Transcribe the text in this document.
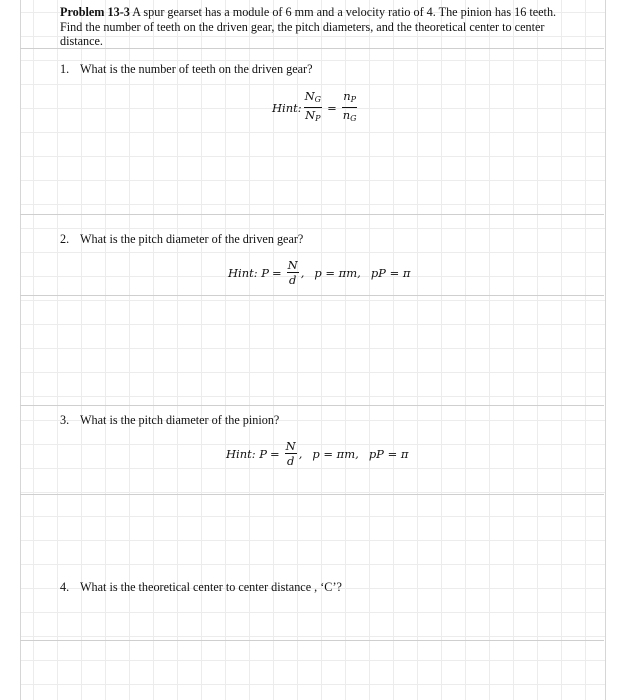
Problem 13-3 A spur gearset has a module of 6 mm and a velocity ratio of 4. The pinion has 16 teeth. Find the number of teeth on the driven gear, the pitch diameters, and the theoretical center to center distance.
1. What is the number of teeth on the driven gear?
Hint: $\frac{N_G}{N_P} = \frac{n_P}{n_G}$
2. What is the pitch diameter of the driven gear?
Hint: $P = \frac{N}{d}$ , p = πm, pP = π
3. What is the pitch diameter of the pinion?
Hint: $P = \frac{N}{d}$ , p = πm, pP = π
4. What is the theoretical center to center distance , ‘C’?
